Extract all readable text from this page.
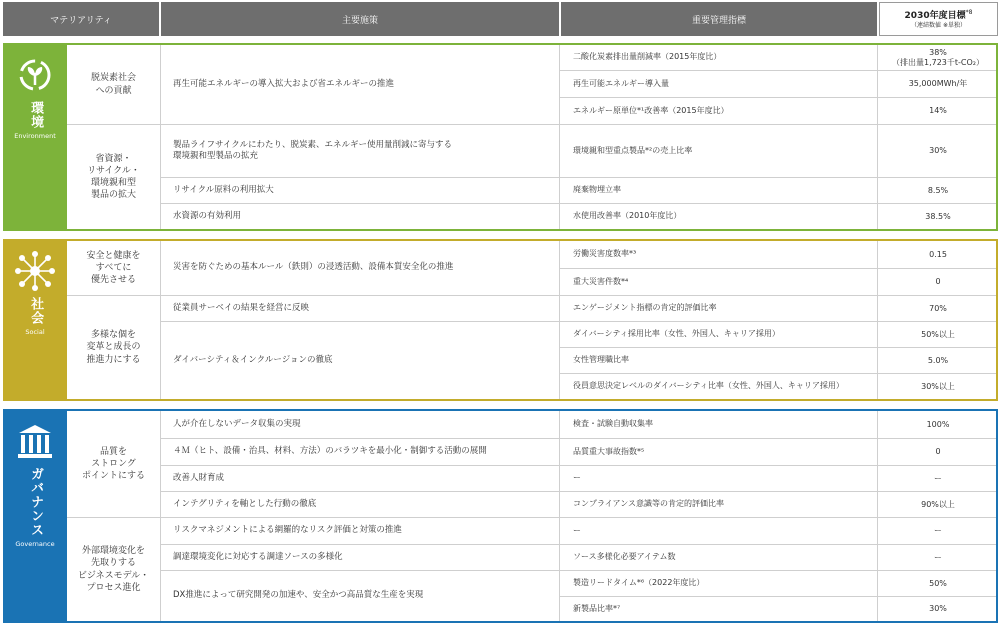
マテリアリティ	主要施策	重要管理指標	2030年度目標$^{*8}$
（連結数値 ※単独）
環境
Environment
脱炭素社会
への貢献
再生可能エネルギーの導入拡大および省エネルギーの推進
二酸化炭素排出量削減率（2015年度比）	38%
（排出量1,723千t-CO₂）
再生可能エネルギー導入量	35,000MWh/年
エネルギー原単位*¹改善率（2015年度比）	14%
省資源・
リサイクル・
環境親和型
製品の拡大
製品ライフサイクルにわたり、脱炭素、エネルギー使用量削減に寄与する
環境親和型製品の拡充
環境親和型重点製品*²の売上比率	30%
リサイクル原料の利用拡大	廃棄物埋立率	8.5%
水資源の有効利用	水使用改善率（2010年度比）	38.5%
社会
Social
安全と健康を
すべてに
優先させる
災害を防ぐための基本ルール（鉄則）の浸透活動、設備本質安全化の推進
労働災害度数率*³	0.15
重大災害件数*⁴	0
多様な個を
変革と成長の
推進力にする
従業員サーベイの結果を経営に反映	エンゲージメント指標の肯定的評価比率	70%
ダイバーシティ＆インクルージョンの徹底
ダイバーシティ採用比率（女性、外国人、キャリア採用）	50%以上
女性管理職比率	5.0%
役員意思決定レベルのダイバーシティ比率（女性、外国人、キャリア採用）	30%以上
ガバナンス
Governance
品質を
ストロング
ポイントにする
人が介在しないデータ収集の実現	検査・試験自動収集率	100%
４Ｍ（ヒト、設備・治具、材料、方法）のバラツキを最小化・制御する活動の展開	品質重大事故指数*⁵	0
改善人財育成	ー	ー
インテグリティを軸とした行動の徹底	コンプライアンス意識等の肯定的評価比率	90%以上
外部環境変化を
先取りする
ビジネスモデル・
プロセス進化
リスクマネジメントによる網羅的なリスク評価と対策の推進	ー	ー
調達環境変化に対応する調達ソースの多様化	ソース多様化必要アイテム数	ー
DX推進によって研究開発の加速や、安全かつ高品質な生産を実現
製造リードタイム*⁶（2022年度比）	50%
新製品比率*⁷	30%
